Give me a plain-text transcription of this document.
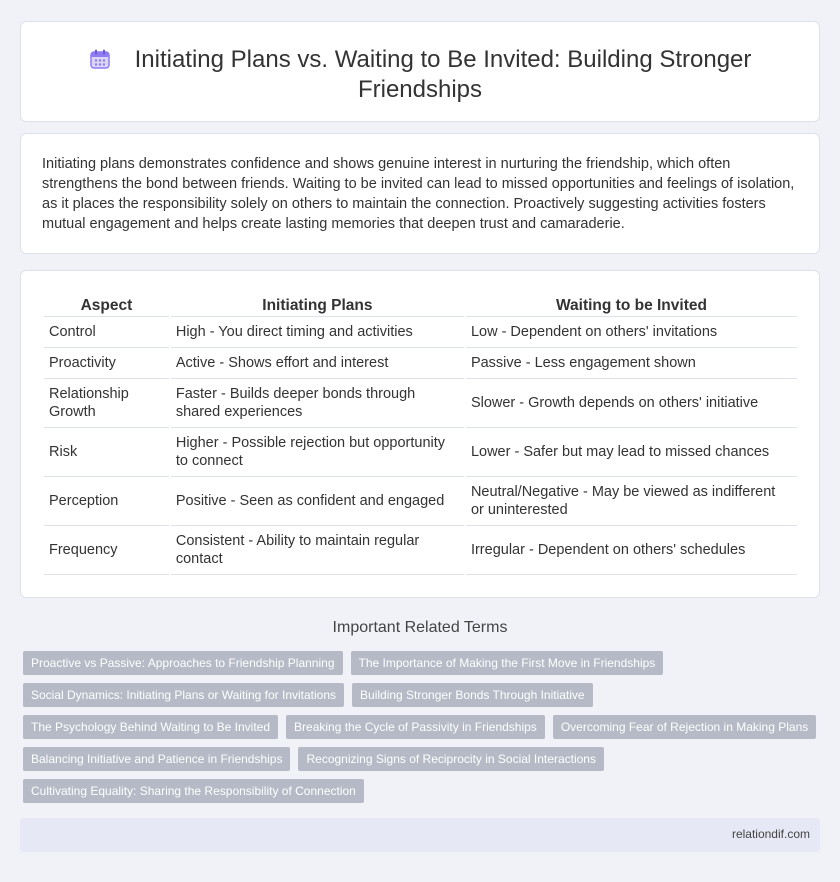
Initiating Plans vs. Waiting to Be Invited: Building Stronger Friendships

Initiating plans demonstrates confidence and shows genuine interest in nurturing the friendship, which often strengthens the bond between friends. Waiting to be invited can lead to missed opportunities and feelings of isolation, as it places the responsibility solely on others to maintain the connection. Proactively suggesting activities fosters mutual engagement and helps create lasting memories that deepen trust and camaraderie.

Aspect	Initiating Plans	Waiting to be Invited
Control	High - You direct timing and activities	Low - Dependent on others' invitations
Proactivity	Active - Shows effort and interest	Passive - Less engagement shown
Relationship Growth	Faster - Builds deeper bonds through shared experiences	Slower - Growth depends on others' initiative
Risk	Higher - Possible rejection but opportunity to connect	Lower - Safer but may lead to missed chances
Perception	Positive - Seen as confident and engaged	Neutral/Negative - May be viewed as indifferent or uninterested
Frequency	Consistent - Ability to maintain regular contact	Irregular - Dependent on others' schedules
Important Related Terms
Proactive vs Passive: Approaches to Friendship Planning	The Importance of Making the First Move in Friendships
Social Dynamics: Initiating Plans or Waiting for Invitations	Building Stronger Bonds Through Initiative
The Psychology Behind Waiting to Be Invited	Breaking the Cycle of Passivity in Friendships	Overcoming Fear of Rejection in Making Plans
Balancing Initiative and Patience in Friendships	Recognizing Signs of Reciprocity in Social Interactions
Cultivating Equality: Sharing the Responsibility of Connection
relationdif.com
